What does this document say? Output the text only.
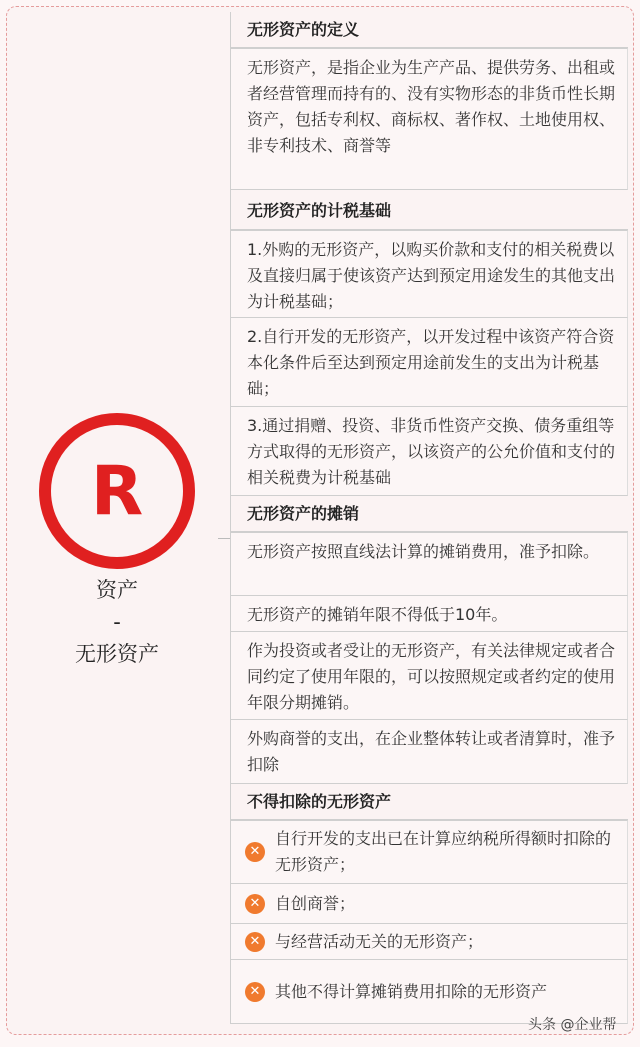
R
资产
-
无形资产
无形资产的定义
无形资产，是指企业为生产产品、提供劳务、出租或者经营管理而持有的、没有实物形态的非货币性长期资产，包括专利权、商标权、著作权、土地使用权、非专利技术、商誉等
无形资产的计税基础
1.外购的无形资产，以购买价款和支付的相关税费以及直接归属于使该资产达到预定用途发生的其他支出为计税基础；
2.自行开发的无形资产，以开发过程中该资产符合资本化条件后至达到预定用途前发生的支出为计税基础；
3.通过捐赠、投资、非货币性资产交换、债务重组等方式取得的无形资产，以该资产的公允价值和支付的相关税费为计税基础
无形资产的摊销
无形资产按照直线法计算的摊销费用，准予扣除。
无形资产的摊销年限不得低于10年。
作为投资或者受让的无形资产，有关法律规定或者合同约定了使用年限的，可以按照规定或者约定的使用年限分期摊销。
外购商誉的支出，在企业整体转让或者清算时，准予扣除
不得扣除的无形资产
✕
自行开发的支出已在计算应纳税所得额时扣除的无形资产；
✕ 自创商誉；
✕ 与经营活动无关的无形资产；
✕ 其他不得计算摊销费用扣除的无形资产
头条 @企业帮
